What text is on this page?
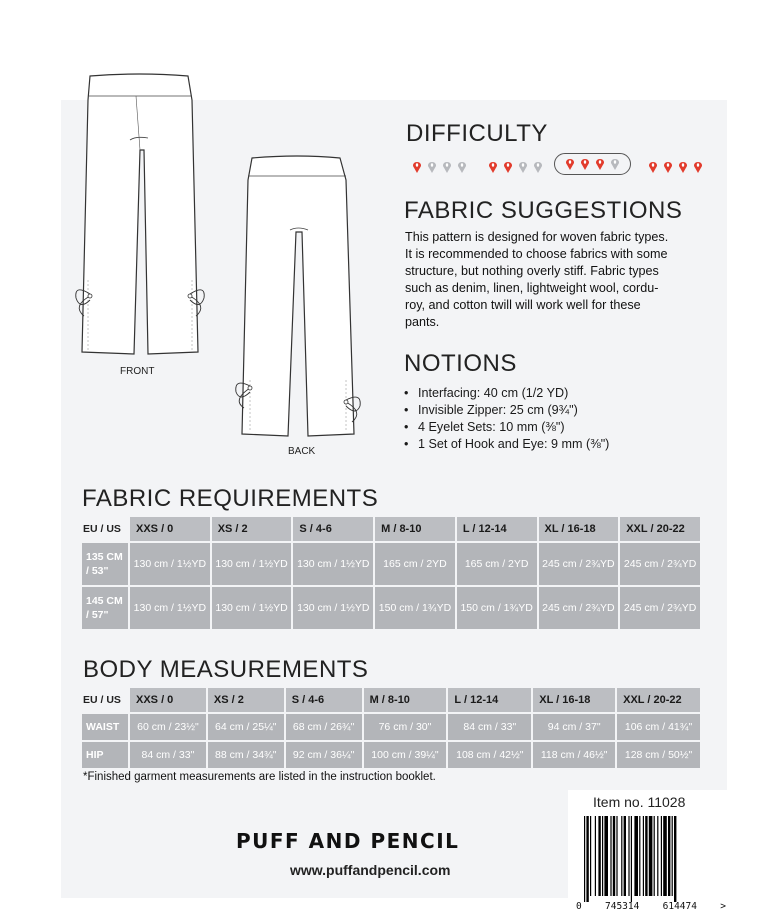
FRONT
BACK
DIFFICULTY
FABRIC SUGGESTIONS
This pattern is designed for woven fabric types.
It is recommended to choose fabrics with some
structure, but nothing overly stiff. Fabric types
such as denim, linen, lightweight wool, cordu-
roy, and cotton twill will work well for these
pants.
NOTIONS
• Interfacing: 40 cm (1/2 YD)
• Invisible Zipper: 25 cm (9¾")
• 4 Eyelet Sets: 10 mm (⅜")
• 1 Set of Hook and Eye: 9 mm (⅜")
FABRIC REQUIREMENTS
EU / US	XXS / 0	XS / 2	S / 4-6	M / 8-10	L / 12-14	XL / 16-18	XXL / 20-22

135 CM
/ 53"	130 cm / 1½YD	130 cm / 1½YD	130 cm / 1½YD	165 cm / 2YD	165 cm / 2YD	245 cm / 2¾YD	245 cm / 2¾YD

145 CM
/ 57"	130 cm / 1½YD	130 cm / 1½YD	130 cm / 1½YD	150 cm / 1¾YD	150 cm / 1¾YD	245 cm / 2¾YD	245 cm / 2¾YD
BODY MEASUREMENTS
EU / US	XXS / 0	XS / 2	S / 4-6	M / 8-10	L / 12-14	XL / 16-18	XXL / 20-22
WAIST	60 cm / 23½"	64 cm / 25¼"	68 cm / 26¾"	76 cm / 30"	84 cm / 33"	94 cm / 37"	106 cm / 41¾"
HIP	84 cm / 33"	88 cm / 34¾"	92 cm / 36¼"	100 cm / 39¼"	108 cm / 42½"	118 cm / 46½"	128 cm / 50½"
*Finished garment measurements are listed in the instruction booklet.
PUFF AND PENCIL
www.puffandpencil.com
Item no. 11028
0 745314 614474 >
